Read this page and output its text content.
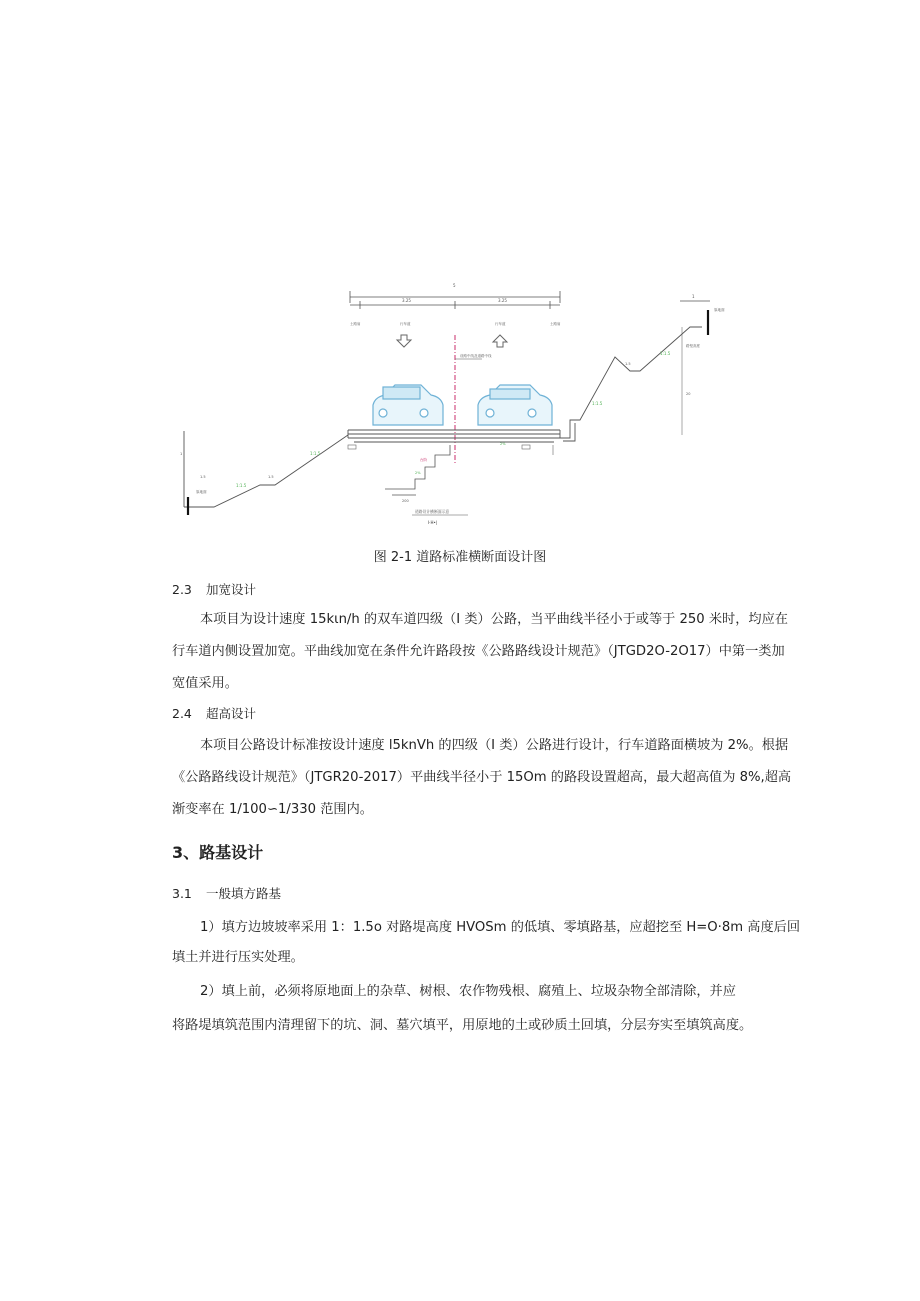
5
3.25	3.25
1
土路肩	行车道	行车道	土路肩
设路中线及道路中线
原地面
1:1.5
1:1.5
1.5
1.5
200
台阶
2%
原地面
1:1.5
1:1.5
1.5
20
路堑高度
2%
1
道路设计横断面示意
I·H•|
图 2-1 道路标准横断面设计图
2.3 加宽设计
本项目为设计速度 15kιn∕h 的双车道四级（I 类）公路，当平曲线半径小于或等于 250 米时，均应在
行车道内侧设置加宽。平曲线加宽在条件允许路段按《公路路线设计规范》（JTGD2O-2O17）中第一类加
宽值采用。
2.4 超高设计
本项目公路设计标准按设计速度 l5knVh 的四级（I 类）公路进行设计，行车道路面横坡为 2%。根据
《公路路线设计规范》（JTGR20-2017）平曲线半径小于 15Om 的路段设置超高，最大超高值为 8%,超高
渐变率在 1/100∽1/330 范围内。
3、路基设计
3.1 一般填方路基
1）填方边坡坡率采用 1：1.5o 对路堤高度 HVOSm 的低填、零填路基，应超挖至 H=O·8m 高度后回
填土并进行压实处理。
2）填上前，必须将原地面上的杂草、树根、农作物残根、腐殖上、垃圾杂物全部清除，并应
将路堤填筑范围内清理留下的坑、洞、墓穴填平，用原地的土或砂质土回填，分层夯实至填筑高度。
